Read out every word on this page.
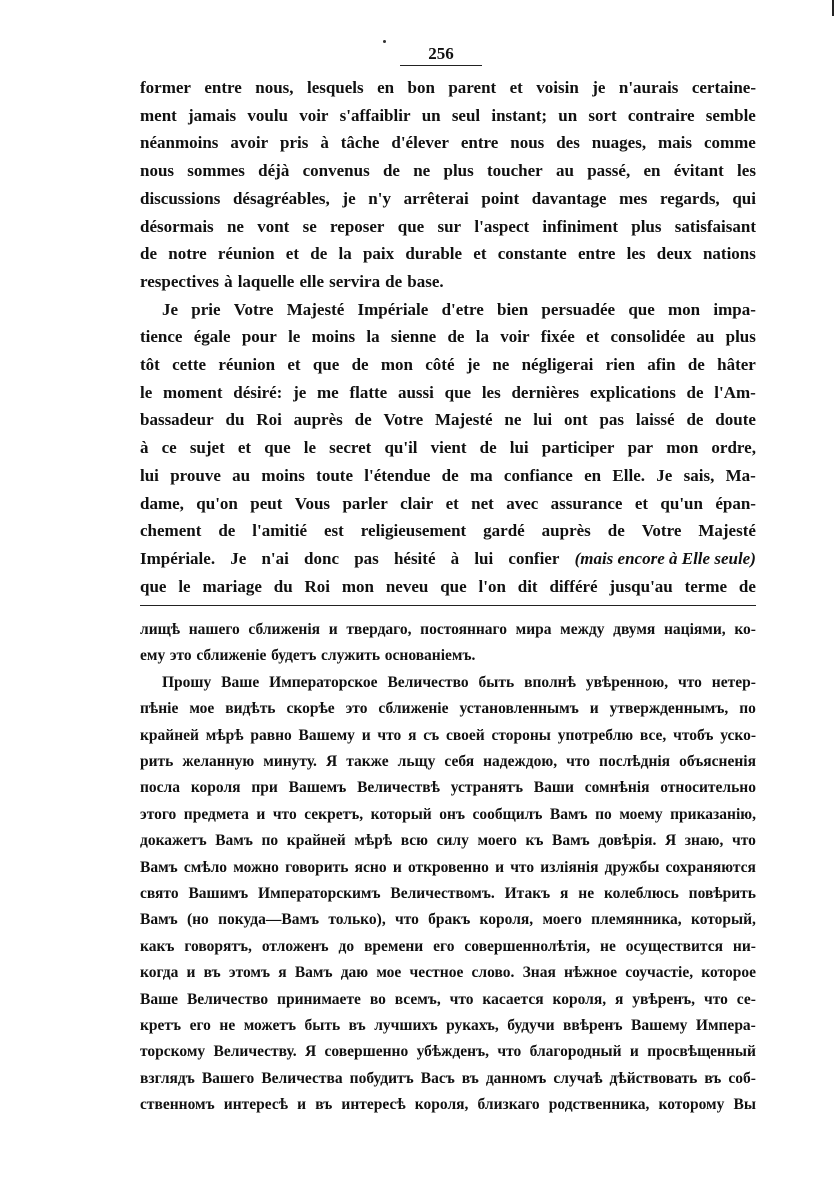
256
former entre nous, lesquels en bon parent et voisin je n'aurais certaine-
ment jamais voulu voir s'affaiblir un seul instant; un sort contraire semble
néanmoins avoir pris à tâche d'élever entre nous des nuages, mais comme
nous sommes déjà convenus de ne plus toucher au passé, en évitant les
discussions désagréables, je n'y arrêterai point davantage mes regards, qui
désormais ne vont se reposer que sur l'aspect infiniment plus satisfaisant
de notre réunion et de la paix durable et constante entre les deux nations
respectives à laquelle elle servira de base.
Je prie Votre Majesté Impériale d'etre bien persuadée que mon impa-
tience égale pour le moins la sienne de la voir fixée et consolidée au plus
tôt cette réunion et que de mon côté je ne négligerai rien afin de hâter
le moment désiré: je me flatte aussi que les dernières explications de l'Am-
bassadeur du Roi auprès de Votre Majesté ne lui ont pas laissé de doute
à ce sujet et que le secret qu'il vient de lui participer par mon ordre,
lui prouve au moins toute l'étendue de ma confiance en Elle. Je sais, Ma-
dame, qu'on peut Vous parler clair et net avec assurance et qu'un épan-
chement de l'amitié est religieusement gardé auprès de Votre Majesté
Impériale. Je n'ai donc pas hésité à lui confier (mais encore à Elle seule)
que le mariage du Roi mon neveu que l'on dit différé jusqu'au terme de
лищѣ нашего сближенія и твердаго, постояннаго мира между двумя націями, ко-
ему это сближеніе будетъ служить основаніемъ.
Прошу Ваше Императорское Величество быть вполнѣ увѣренною, что нетер-
пѣніе мое видѣть скорѣе это сближеніе установленнымъ и утвержденнымъ, по
крайней мѣрѣ равно Вашему и что я съ своей стороны употреблю все, чтобъ уско-
рить желанную минуту. Я также льщу себя надеждою, что послѣднія объясненія
посла короля при Вашемъ Величествѣ устранятъ Ваши сомнѣнія относительно
этого предмета и что секретъ, который онъ сообщилъ Вамъ по моему приказанію,
докажетъ Вамъ по крайней мѣрѣ всю силу моего къ Вамъ довѣрія. Я знаю, что
Вамъ смѣло можно говорить ясно и откровенно и что изліянія дружбы сохраняются
свято Вашимъ Императорскимъ Величествомъ. Итакъ я не колеблюсь повѣрить
Вамъ (но покуда—Вамъ только), что бракъ короля, моего племянника, который,
какъ говорятъ, отложенъ до времени его совершеннолѣтія, не осуществится ни-
когда и въ этомъ я Вамъ даю мое честное слово. Зная нѣжное соучастіе, которое
Ваше Величество принимаете во всемъ, что касается короля, я увѣренъ, что се-
кретъ его не можетъ быть въ лучшихъ рукахъ, будучи ввѣренъ Вашему Импера-
торскому Величеству. Я совершенно убѣжденъ, что благородный и просвѣщенный
взглядъ Вашего Величества побудитъ Васъ въ данномъ случаѣ дѣйствовать въ соб-
ственномъ интересѣ и въ интересѣ короля, близкаго родственника, которому Вы
